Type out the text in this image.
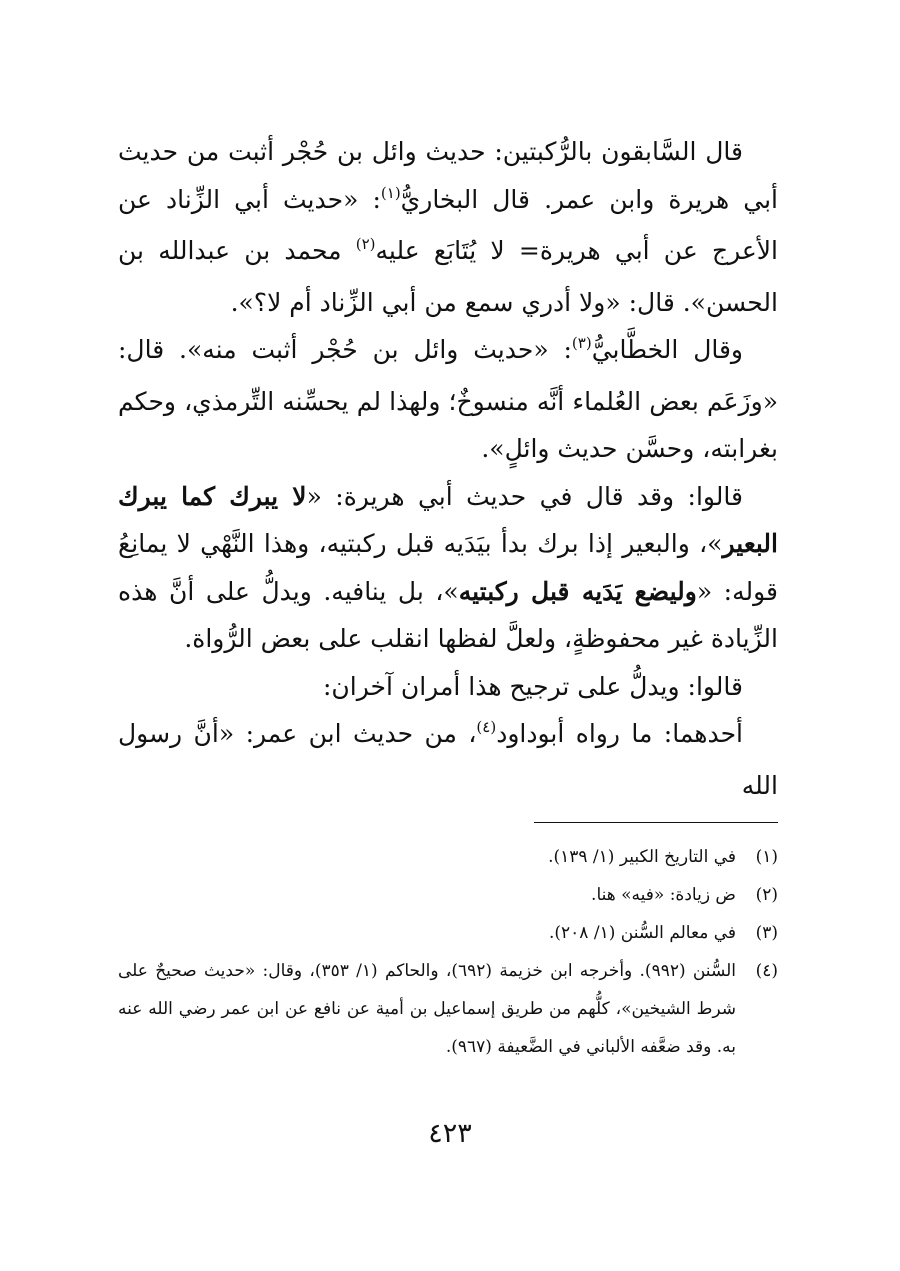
قال السَّابقون بالرُّكبتين: حديث وائل بن حُجْر أثبت من حديث أبي هريرة وابن عمر. قال البخاريُّ$^{(١)}$: «حديث أبي الزِّناد عن الأعرج عن أبي هريرة= لا يُتَابَع عليه$^{(٢)}$ محمد بن عبدالله بن الحسن». قال: «ولا أدري سمع من أبي الزِّناد أم لا؟».

وقال الخطَّابيُّ$^{(٣)}$: «حديث وائل بن حُجْر أثبت منه». قال: «وزَعَم بعض العُلماء أنَّه منسوخٌ؛ ولهذا لم يحسِّنه التِّرمذي، وحكم بغرابته، وحسَّن حديث وائلٍ».

قالوا: وقد قال في حديث أبي هريرة: «لا يبرك كما يبرك البعير»، والبعير إذا برك بدأ بيَدَيه قبل ركبتيه، وهذا النَّهْي لا يمانِعُ قوله: «وليضع يَدَيه قبل ركبتيه»، بل ينافيه. ويدلُّ على أنَّ هذه الزِّيادة غير محفوظةٍ، ولعلَّ لفظها انقلب على بعض الرُّواة.

قالوا: ويدلُّ على ترجيح هذا أمران آخران:

أحدهما: ما رواه أبوداود$^{(٤)}$، من حديث ابن عمر: «أنَّ رسول الله

(١)
في التاريخ الكبير (١/ ١٣٩).
(٢)
ض زيادة: «فيه» هنا.
(٣)
في معالم السُّنن (١/ ٢٠٨).
(٤)
السُّنن (٩٩٢). وأخرجه ابن خزيمة (٦٩٢)، والحاكم (١/ ٣٥٣)، وقال: «حديث صحيحٌ على شرط الشيخين»، كلُّهم من طريق إسماعيل بن أمية عن نافع عن ابن عمر رضي الله عنه به. وقد ضعَّفه الألباني في الضَّعيفة (٩٦٧).
٤٢٣
